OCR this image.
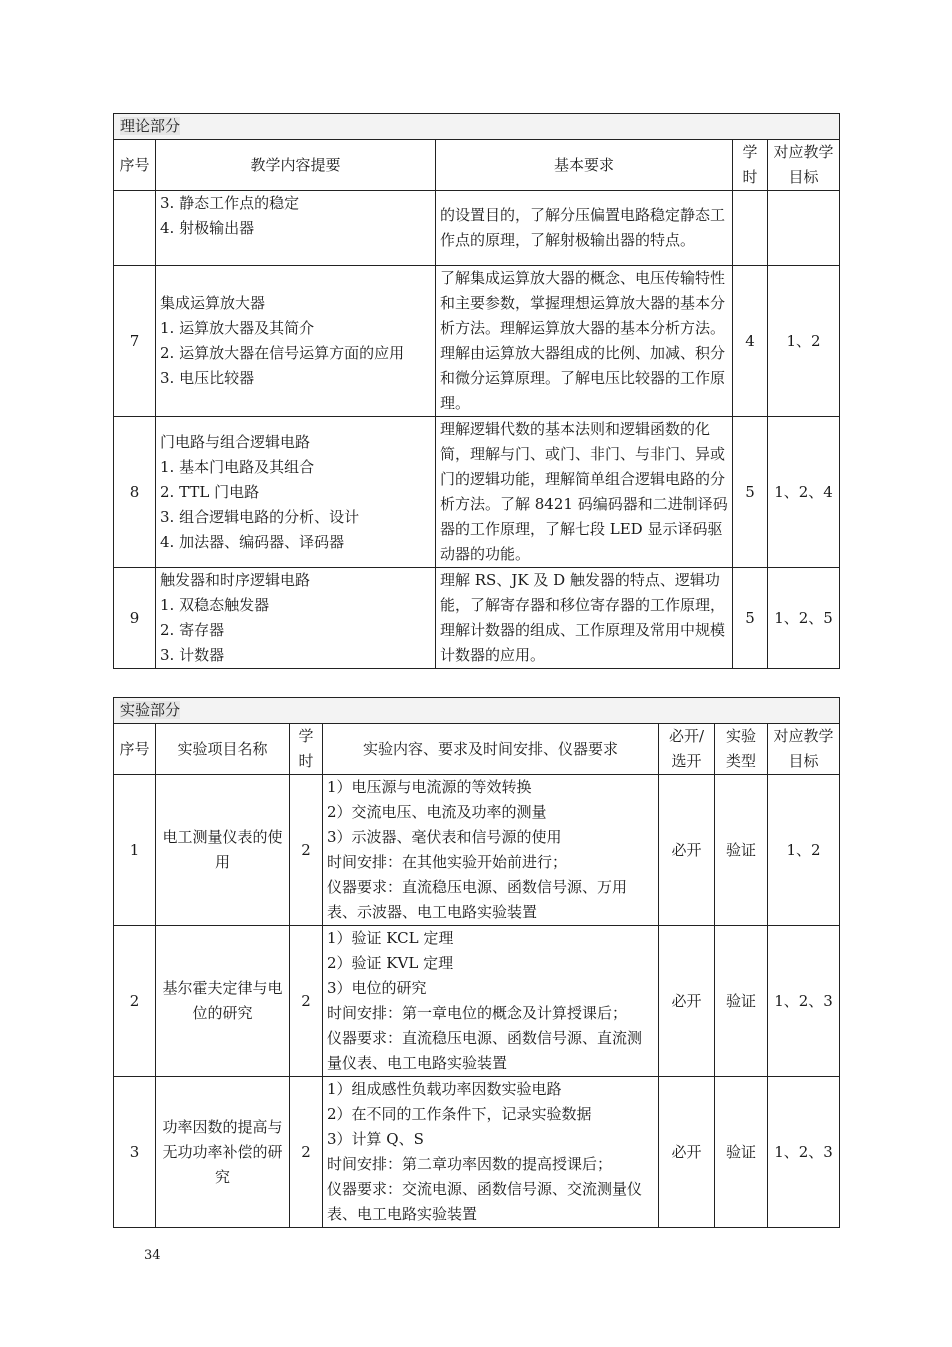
理论部分				
序号	教学内容提要	基本要求	学时	对应教学目标

	3. 静态工作点的稳定
4. 射极输出器	的设置目的，了解分压偏置电路稳定静态工作点的原理，了解射极输出器的特点。		
7	集成运算放大器
1. 运算放大器及其简介
2. 运算放大器在信号运算方面的应用
3. 电压比较器	了解集成运算放大器的概念、电压传输特性和主要参数，掌握理想运算放大器的基本分析方法。理解运算放大器的基本分析方法。理解由运算放大器组成的比例、加减、积分和微分运算原理。了解电压比较器的工作原理。	4	1、2
8	门电路与组合逻辑电路
1. 基本门电路及其组合
2. TTL 门电路
3. 组合逻辑电路的分析、设计
4. 加法器、编码器、译码器	理解逻辑代数的基本法则和逻辑函数的化简，理解与门、或门、非门、与非门、异或门的逻辑功能，理解简单组合逻辑电路的分析方法。了解 8421 码编码器和二进制译码器的工作原理，了解七段 LED 显示译码驱动器的功能。	5	1、2、4
9	触发器和时序逻辑电路
1. 双稳态触发器
2. 寄存器
3. 计数器	理解 RS、JK 及 D 触发器的特点、逻辑功能，了解寄存器和移位寄存器的工作原理，理解计数器的组成、工作原理及常用中规模计数器的应用。	5	1、2、5
实验部分						
序号	实验项目名称	学时	实验内容、要求及时间安排、仪器要求	必开/选开	实验类型	对应教学目标
1	电工测量仪表的使用	2	1）电压源与电流源的等效转换
2）交流电压、电流及功率的测量
3）示波器、毫伏表和信号源的使用
时间安排：在其他实验开始前进行；
仪器要求：直流稳压电源、函数信号源、万用表、示波器、电工电路实验装置	必开	验证	1、2
2	基尔霍夫定律与电位的研究	2	1）验证 KCL 定理
2）验证 KVL 定理
3）电位的研究
时间安排：第一章电位的概念及计算授课后；
仪器要求：直流稳压电源、函数信号源、直流测量仪表、电工电路实验装置	必开	验证	1、2、3
3	功率因数的提高与无功功率补偿的研究	2	1）组成感性负载功率因数实验电路
2）在不同的工作条件下，记录实验数据
3）计算 Q、S
时间安排：第二章功率因数的提高授课后；
仪器要求：交流电源、函数信号源、交流测量仪表、电工电路实验装置	必开	验证	1、2、3
34
